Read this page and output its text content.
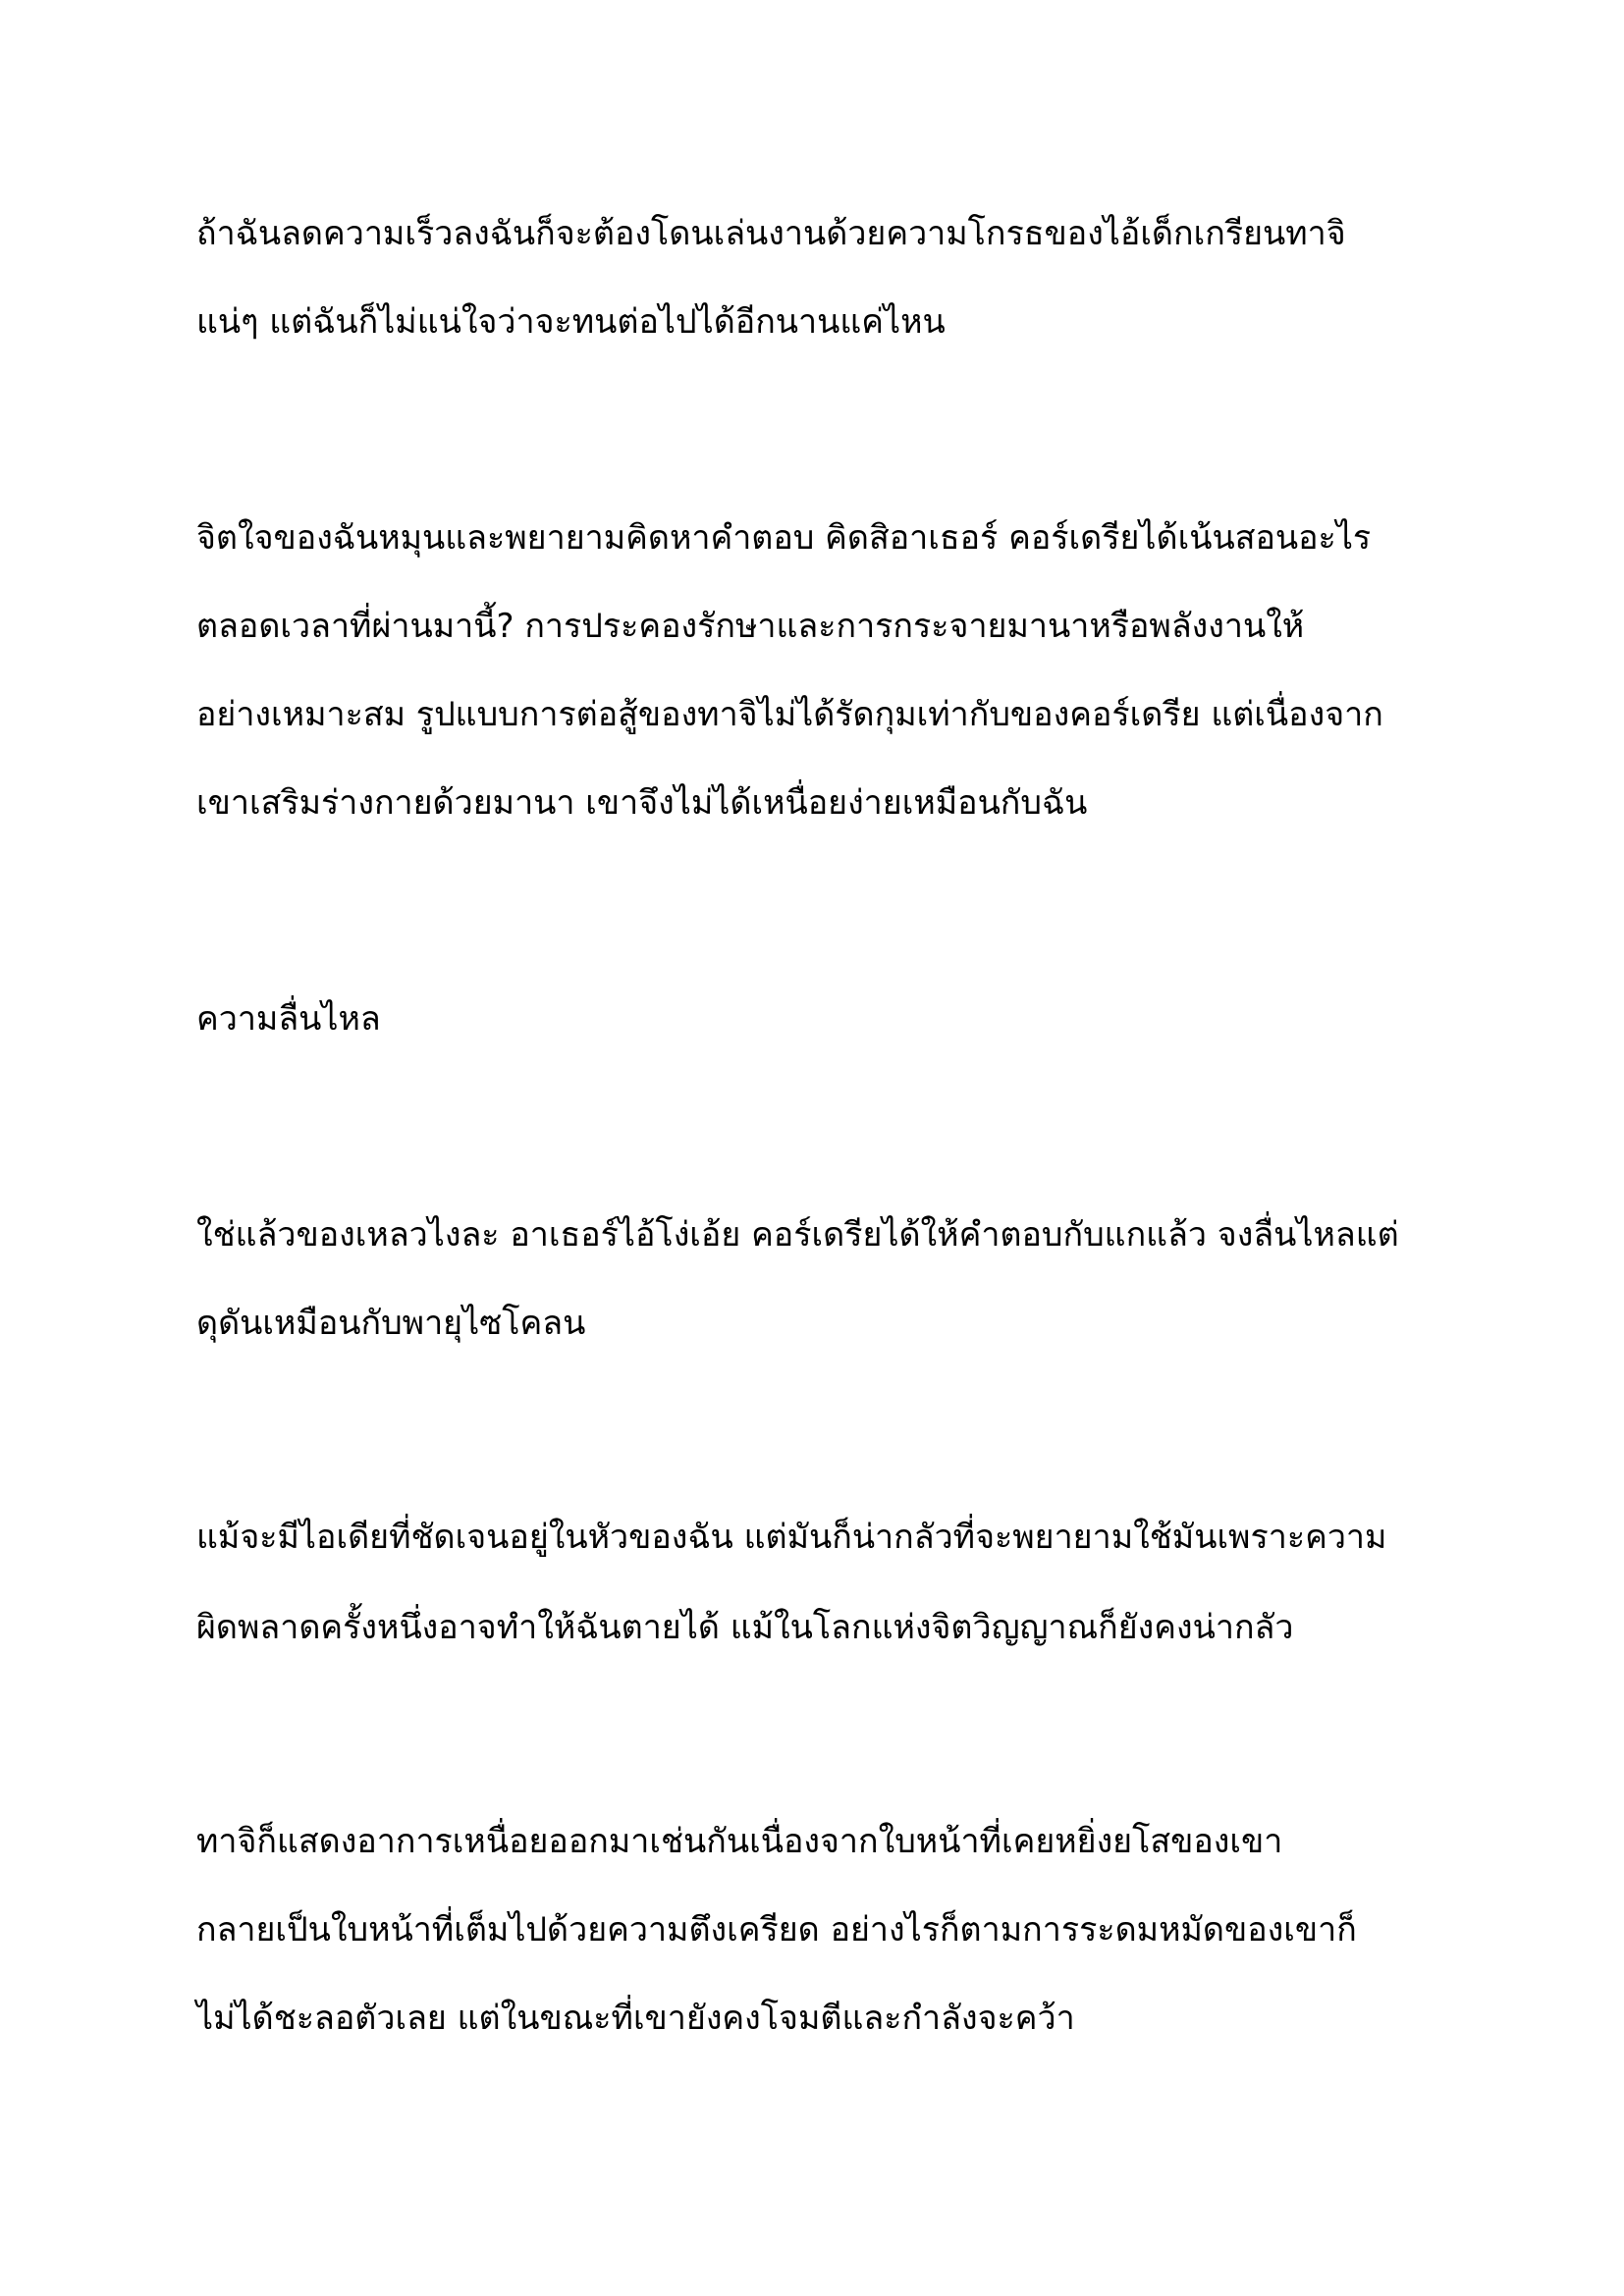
ถ้าฉันลดความเร็วลงฉันก็จะต้องโดนเล่นงานด้วยความโกรธของไอ้เด็กเกรียนทาจิ

แน่ๆ แต่ฉันก็ไม่แน่ใจว่าจะทนต่อไปได้อีกนานแค่ไหน

จิตใจของฉันหมุนและพยายามคิดหาคำตอบ คิดสิอาเธอร์ คอร์เดรียได้เน้นสอนอะไร

ตลอดเวลาที่ผ่านมานี้? การประคองรักษาและการกระจายมานาหรือพลังงานให้

อย่างเหมาะสม รูปแบบการต่อสู้ของทาจิไม่ได้รัดกุมเท่ากับของคอร์เดรีย แต่เนื่องจาก

เขาเสริมร่างกายด้วยมานา เขาจึงไม่ได้เหนื่อยง่ายเหมือนกับฉัน

ความลื่นไหล

ใช่แล้วของเหลวไงละ อาเธอร์ไอ้โง่เอ้ย คอร์เดรียได้ให้คำตอบกับแกแล้ว จงลื่นไหลแต่

ดุดันเหมือนกับพายุไซโคลน

แม้จะมีไอเดียที่ชัดเจนอยู่ในหัวของฉัน แต่มันก็น่ากลัวที่จะพยายามใช้มันเพราะความ

ผิดพลาดครั้งหนึ่งอาจทำให้ฉันตายได้ แม้ในโลกแห่งจิตวิญญาณก็ยังคงน่ากลัว

ทาจิก็แสดงอาการเหนื่อยออกมาเช่นกันเนื่องจากใบหน้าที่เคยหยิ่งยโสของเขา

กลายเป็นใบหน้าที่เต็มไปด้วยความตึงเครียด อย่างไรก็ตามการระดมหมัดของเขาก็

ไม่ได้ชะลอตัวเลย แต่ในขณะที่เขายังคงโจมตีและกำลังจะคว้า
